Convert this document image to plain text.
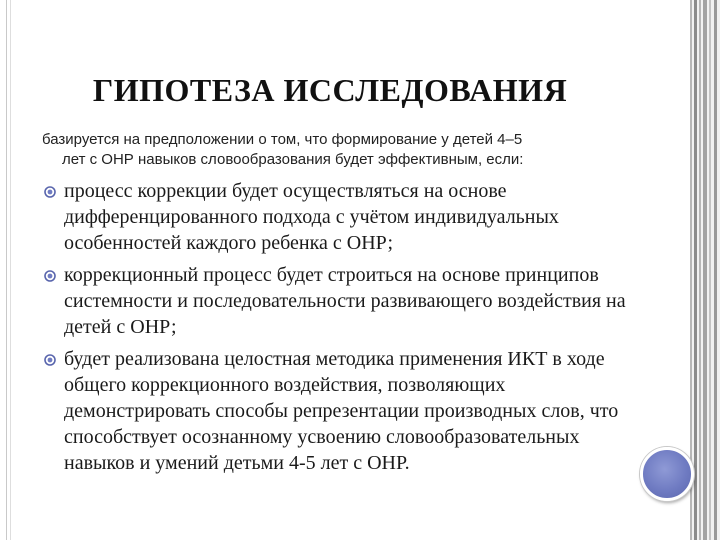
ГИПОТЕЗА ИССЛЕДОВАНИЯ
базируется на предположении о том, что формирование у детей 4–5
лет с ОНР навыков словообразования будет эффективным, если:
процесс коррекции будет осуществляться на основе дифференцированного подхода с учётом индивидуальных особенностей каждого ребенка с ОНР;
коррекционный процесс будет строиться на основе принципов системности и последовательности развивающего воздействия на детей с ОНР;
будет реализована целостная методика применения ИКТ в ходе общего коррекционного воздействия, позволяющих демонстрировать способы репрезентации производных слов, что способствует осознанному усвоению словообразовательных навыков и умений детьми 4-5 лет с ОНР.
